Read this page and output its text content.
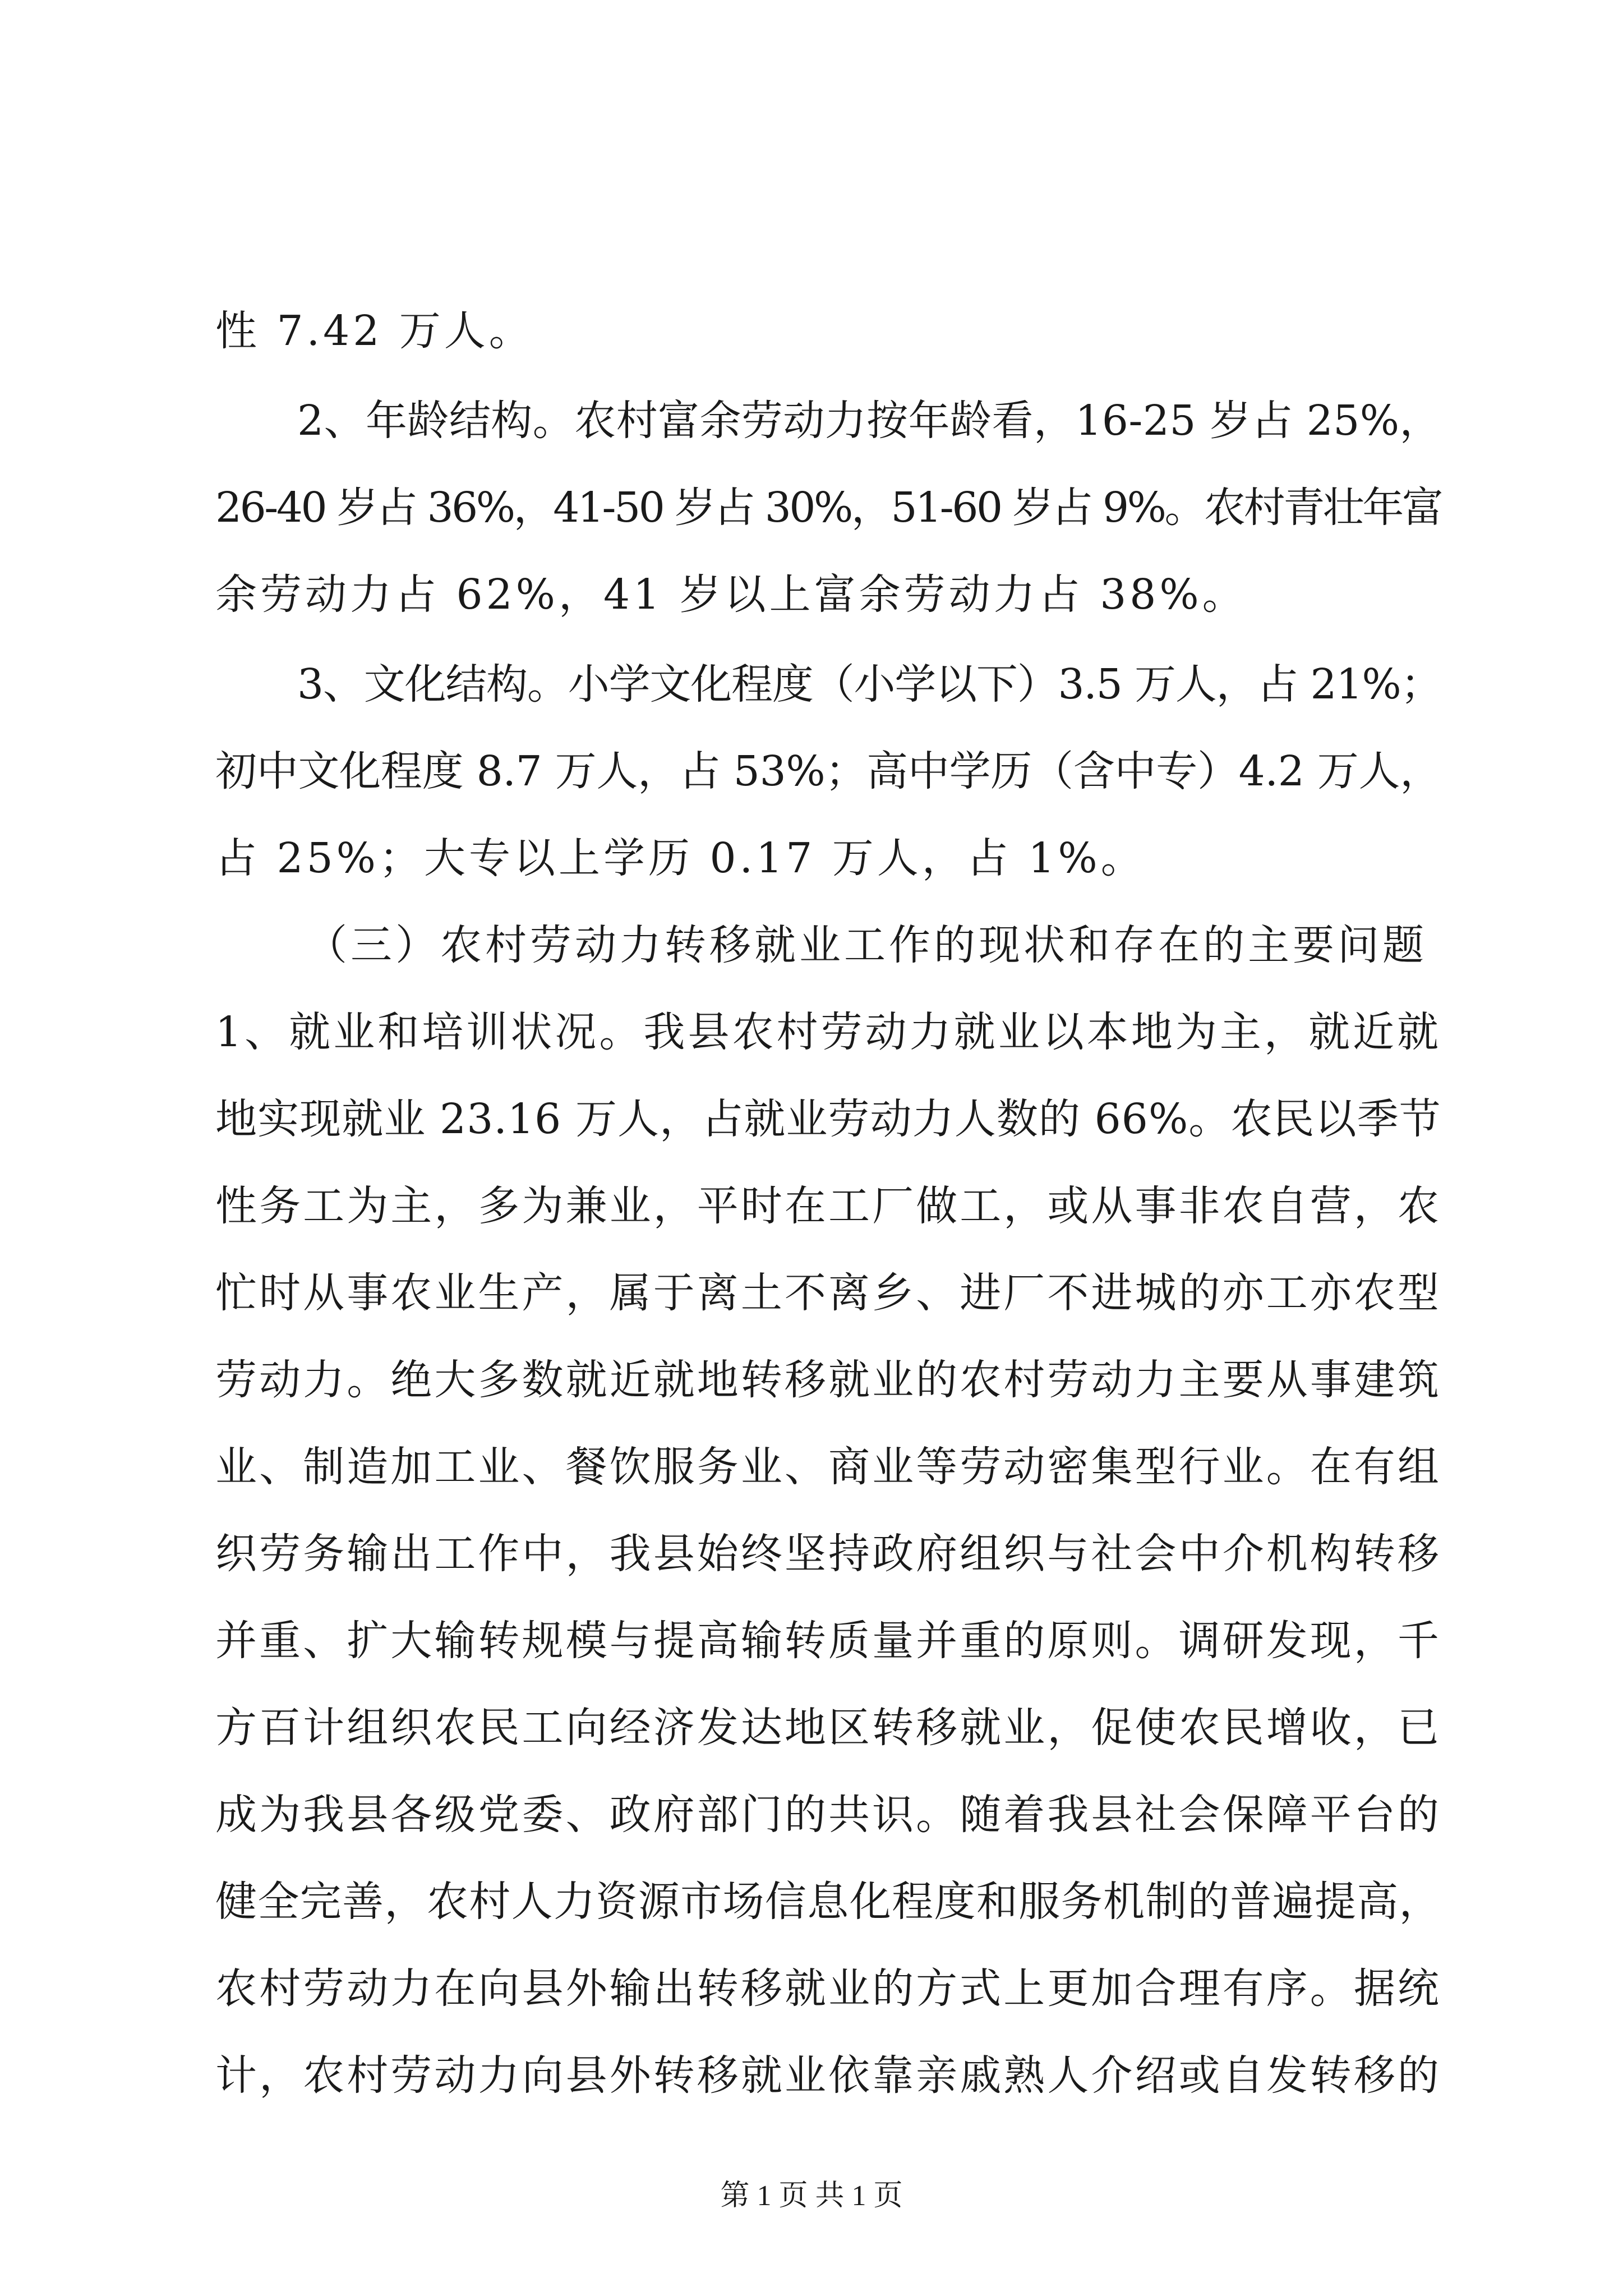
性 7.42 万人。
2、年龄结构。农村富余劳动力按年龄看，16-25 岁占 25%，
26-40 岁占 36%，41-50 岁占 30%，51-60 岁占 9%。农村青壮年富
余劳动力占 62%，41 岁以上富余劳动力占 38%。
3、文化结构。小学文化程度（小学以下）3.5 万人，占 21%；
初中文化程度 8.7 万人，占 53%；高中学历（含中专）4.2 万人，
占 25%；大专以上学历 0.17 万人，占 1%。
（三）农村劳动力转移就业工作的现状和存在的主要问题
1、就业和培训状况。我县农村劳动力就业以本地为主，就近就
地实现就业 23.16 万人，占就业劳动力人数的 66%。农民以季节
性务工为主，多为兼业，平时在工厂做工，或从事非农自营，农
忙时从事农业生产，属于离土不离乡、进厂不进城的亦工亦农型
劳动力。绝大多数就近就地转移就业的农村劳动力主要从事建筑
业、制造加工业、餐饮服务业、商业等劳动密集型行业。在有组
织劳务输出工作中，我县始终坚持政府组织与社会中介机构转移
并重、扩大输转规模与提高输转质量并重的原则。调研发现，千
方百计组织农民工向经济发达地区转移就业，促使农民增收，已
成为我县各级党委、政府部门的共识。随着我县社会保障平台的
健全完善，农村人力资源市场信息化程度和服务机制的普遍提高，
农村劳动力在向县外输出转移就业的方式上更加合理有序。据统
计，农村劳动力向县外转移就业依靠亲戚熟人介绍或自发转移的
第 1 页 共 1 页
